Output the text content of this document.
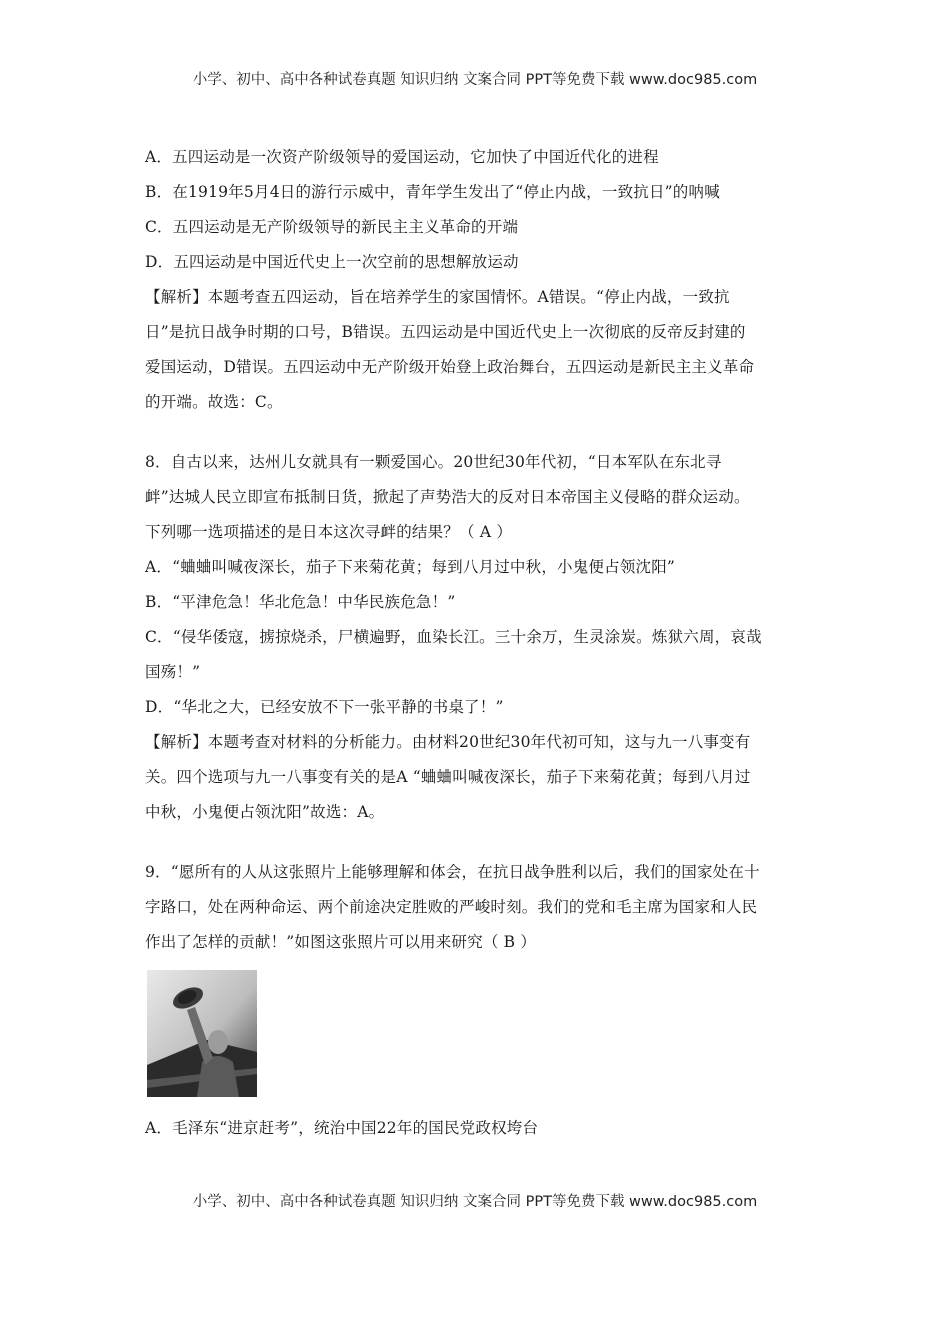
小学、初中、高中各种试卷真题 知识归纳 文案合同 PPT等免费下载 www.doc985.com
A．五四运动是一次资产阶级领导的爱国运动，它加快了中国近代化的进程
B．在1919年5月4日的游行示威中，青年学生发出了“停止内战，一致抗日”的呐喊
C．五四运动是无产阶级领导的新民主主义革命的开端
D．五四运动是中国近代史上一次空前的思想解放运动
【解析】本题考查五四运动，旨在培养学生的家国情怀。A错误。“停止内战，一致抗
日”是抗日战争时期的口号，B错误。五四运动是中国近代史上一次彻底的反帝反封建的
爱国运动，D错误。五四运动中无产阶级开始登上政治舞台，五四运动是新民主主义革命
的开端。故选：C。
8．自古以来，达州儿女就具有一颗爱国心。20世纪30年代初，“日本军队在东北寻
衅”达城人民立即宣布抵制日货，掀起了声势浩大的反对日本帝国主义侵略的群众运动。
下列哪一选项描述的是日本这次寻衅的结果？（ A ）
A．“蛐蛐叫喊夜深长，茄子下来菊花黄；每到八月过中秋，小鬼便占领沈阳”
B．“平津危急！华北危急！中华民族危急！”
C．“侵华倭寇，掳掠烧杀，尸横遍野，血染长江。三十余万，生灵涂炭。炼狱六周，哀哉
国殇！”
D．“华北之大，已经安放不下一张平静的书桌了！”
【解析】本题考查对材料的分析能力。由材料20世纪30年代初可知，这与九一八事变有
关。四个选项与九一八事变有关的是A “蛐蛐叫喊夜深长，茄子下来菊花黄；每到八月过
中秋，小鬼便占领沈阳”故选：A。
9．“愿所有的人从这张照片上能够理解和体会，在抗日战争胜利以后，我们的国家处在十
字路口，处在两种命运、两个前途决定胜败的严峻时刻。我们的党和毛主席为国家和人民
作出了怎样的贡献！”如图这张照片可以用来研究（ B ）
A．毛泽东“进京赶考”，统治中国22年的国民党政权垮台
小学、初中、高中各种试卷真题 知识归纳 文案合同 PPT等免费下载 www.doc985.com
